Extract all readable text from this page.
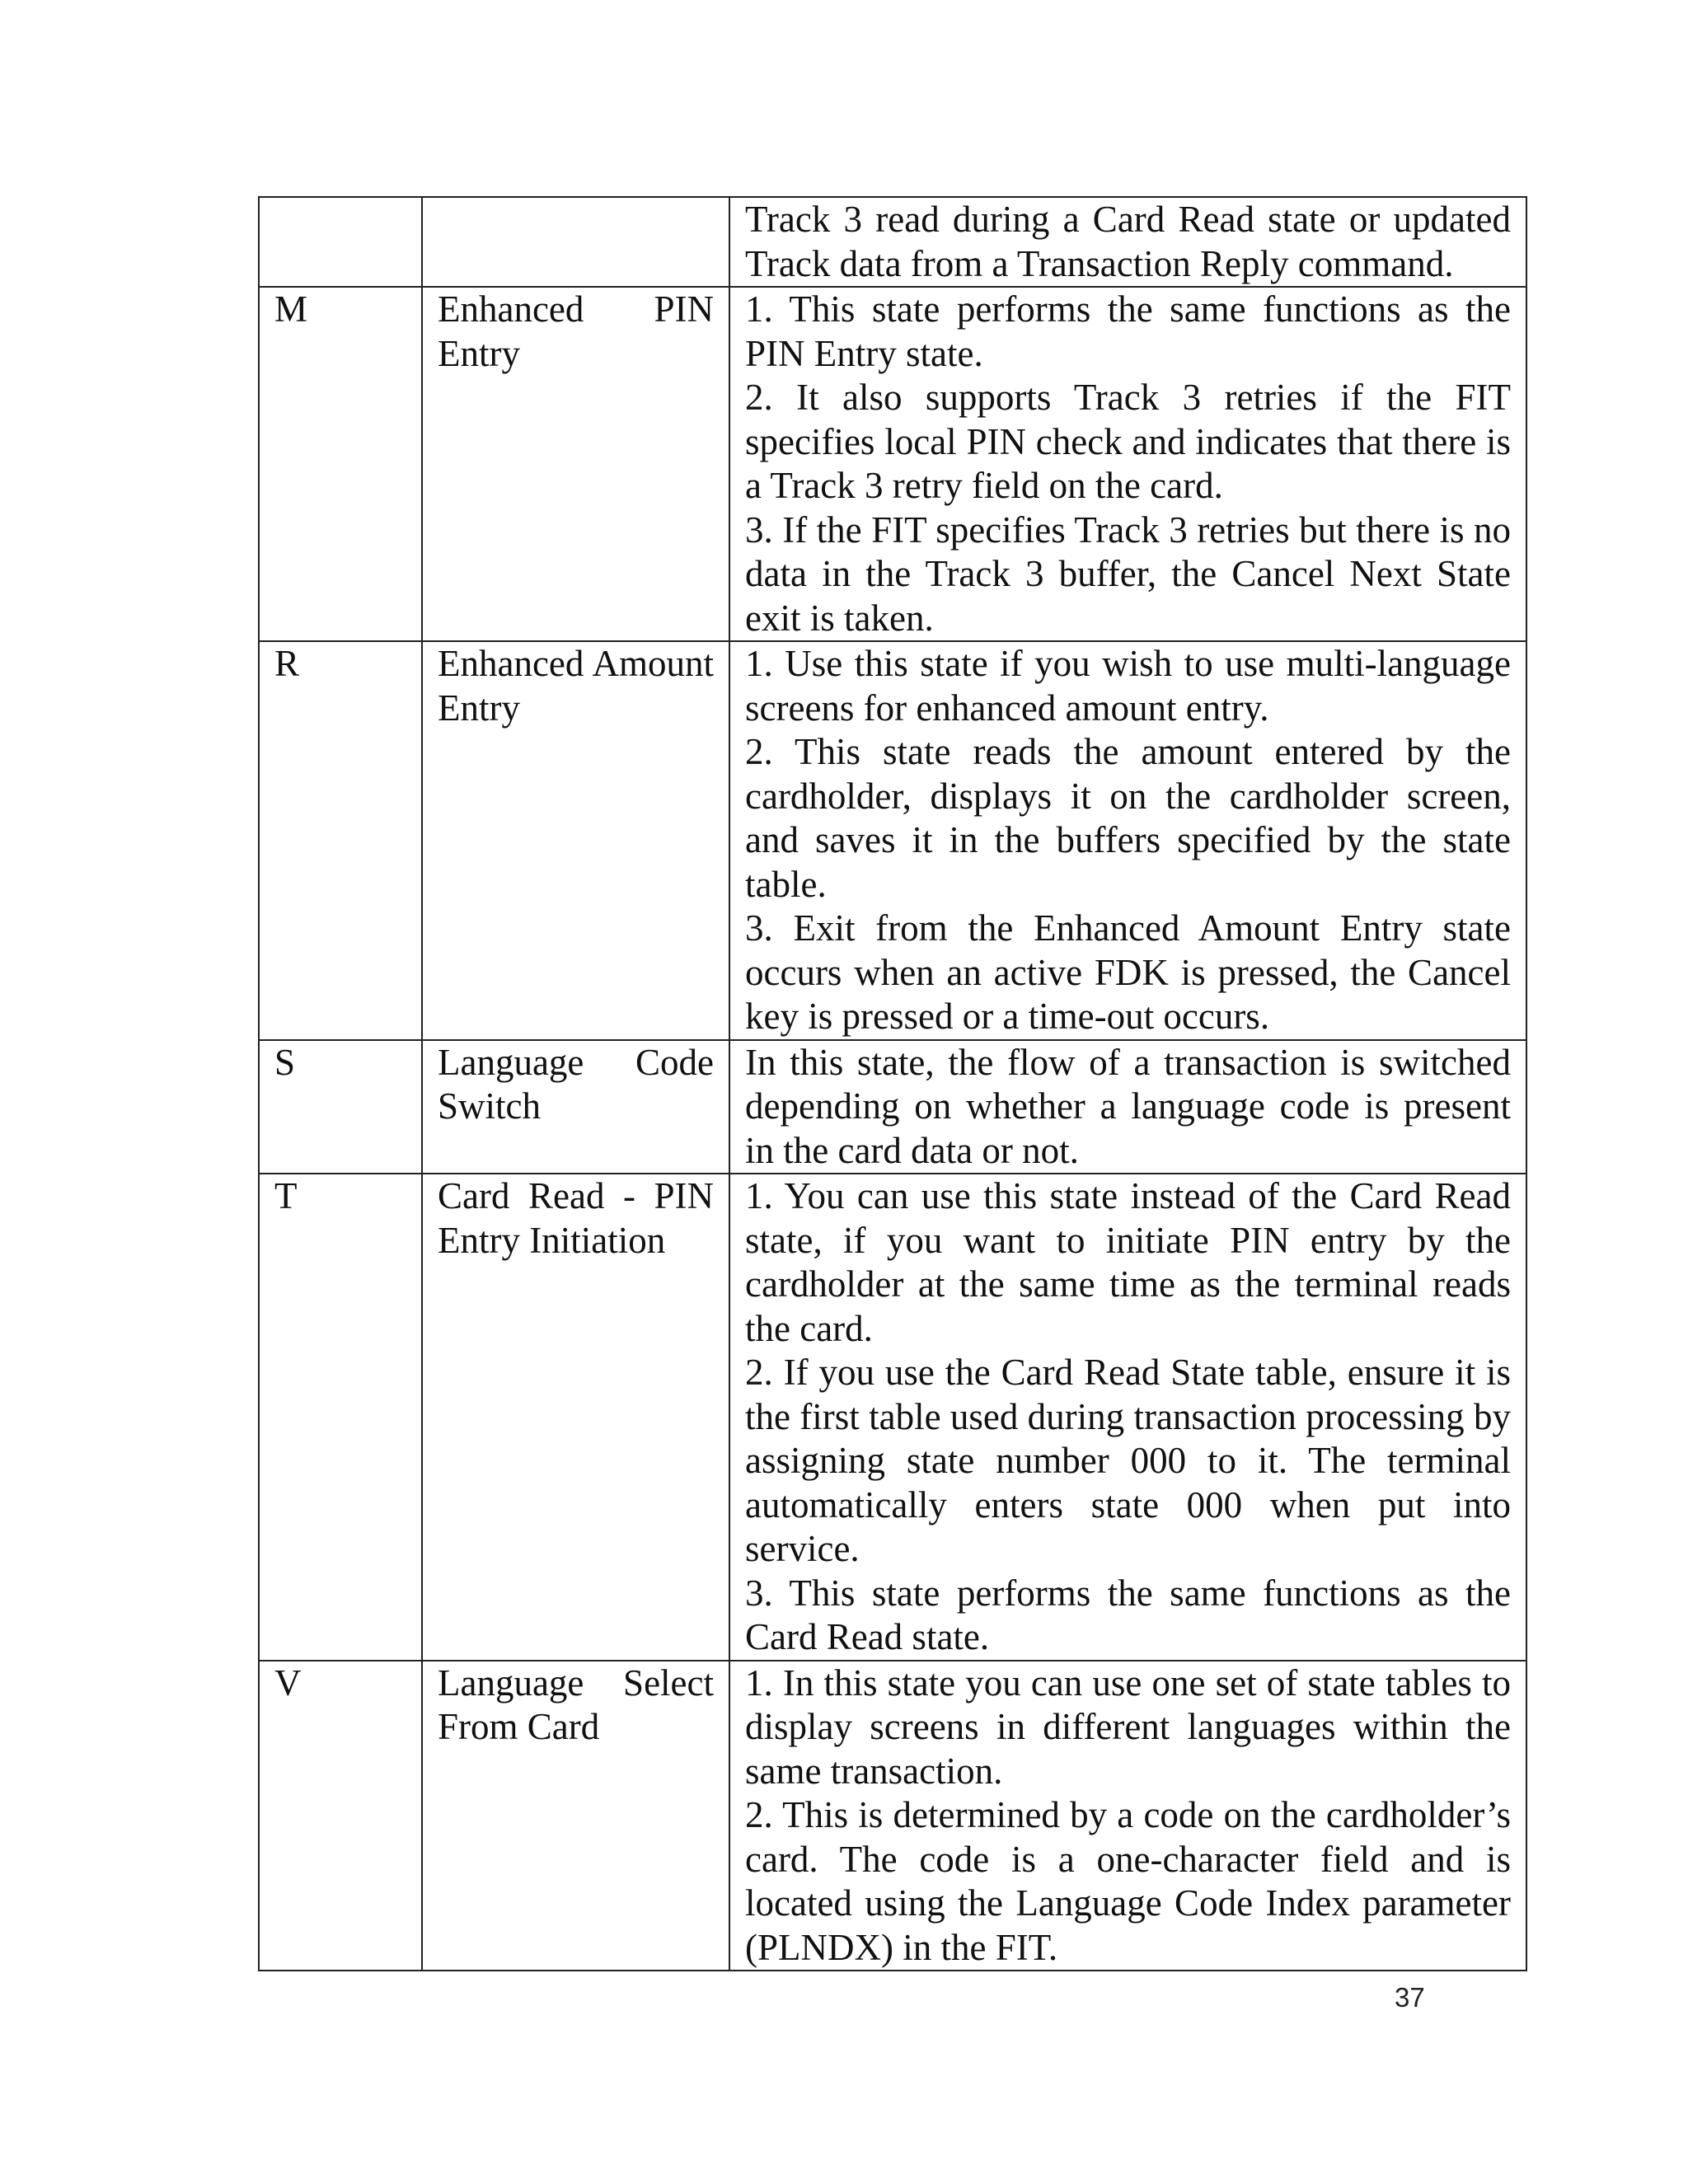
		Track 3 read during a Card Read state or updated Track data from a Transaction Reply command.

M	Enhanced PIN Entry	1. This state performs the same functions as the PIN Entry state.

2. It also supports Track 3 retries if the FIT specifies local PIN check and indicates that there is a Track 3 retry field on the card.

3. If the FIT specifies Track 3 retries but there is no data in the Track 3 buffer, the Cancel Next State exit is taken.

R	Enhanced Amount Entry	1. Use this state if you wish to use multi-language screens for enhanced amount entry.

2. This state reads the amount entered by the cardholder, displays it on the cardholder screen, and saves it in the buffers specified by the state table.

3. Exit from the Enhanced Amount Entry state occurs when an active FDK is pressed, the Cancel key is pressed or a time-out occurs.

S	Language Code Switch	In this state, the flow of a transaction is switched depending on whether a language code is present in the card data or not.

T	Card Read - PIN Entry Initiation	1. You can use this state instead of the Card Read state, if you want to initiate PIN entry by the cardholder at the same time as the terminal reads the card.

2. If you use the Card Read State table, ensure it is the first table used during transaction processing by assigning state number 000 to it. The terminal automatically enters state 000 when put into service.

3. This state performs the same functions as the Card Read state.

V	Language Select From Card	1. In this state you can use one set of state tables to display screens in different languages within the same transaction.

2. This is determined by a code on the cardholder’s card. The code is a one-character field and is located using the Language Code Index parameter (PLNDX) in the FIT.

37
